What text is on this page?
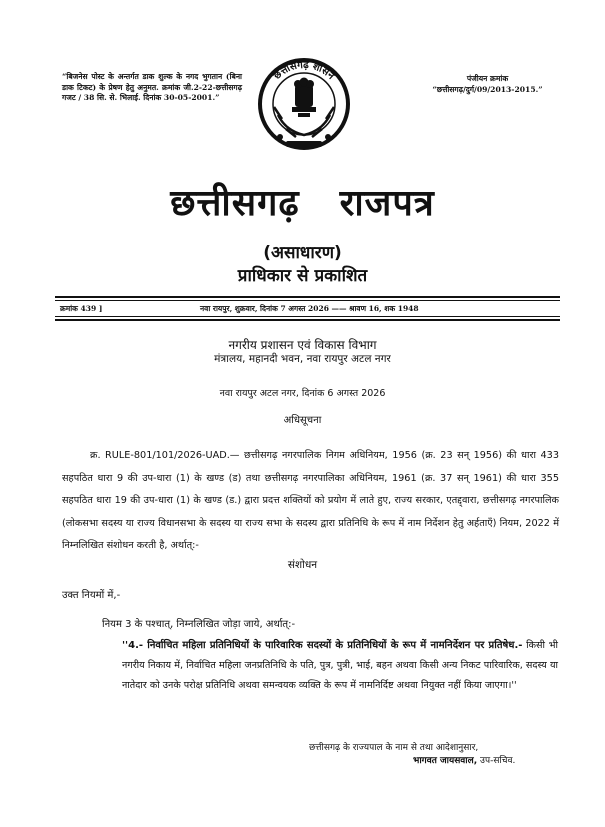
“बिजनेस पोस्ट के अन्तर्गत डाक शुल्क के नगद भुगतान (बिना डाक टिकट) के प्रेषण हेतु अनुमत. क्रमांक जी.2-22-छत्तीसगढ़ गजट / 38 सि. से. भिलाई. दिनांक 30-05-2001.”
छत्तीसगढ़ शासन	पंजीयन क्रमांक
“छत्तीसगढ़/दुर्ग/09/2013-2015.”
छत्तीसगढ़ राजपत्र
(असाधारण)
प्राधिकार से प्रकाशित
क्रमांक 439 ]	नवा रायपुर, शुक्रवार, दिनांक 7 अगस्त 2026 —— श्रावण 16, शक 1948
नगरीय प्रशासन एवं विकास विभाग
मंत्रालय, महानदी भवन, नवा रायपुर अटल नगर
नवा रायपुर अटल नगर, दिनांक 6 अगस्त 2026
अधिसूचना
क्र. RULE-801/101/2026-UAD.— छत्तीसगढ़ नगरपालिक निगम अधिनियम, 1956 (क्र. 23 सन् 1956) की धारा 433 सहपठित धारा 9 की उप-धारा (1) के खण्ड (ड) तथा छत्तीसगढ़ नगरपालिका अधिनियम, 1961 (क्र. 37 सन् 1961) की धारा 355 सहपठित धारा 19 की उप-धारा (1) के खण्ड (ड.) द्वारा प्रदत्त शक्तियों को प्रयोग में लाते हुए, राज्य सरकार, एतद्द्वारा, छत्तीसगढ़ नगरपालिक (लोकसभा सदस्य या राज्य विधानसभा के सदस्य या राज्य सभा के सदस्य द्वारा प्रतिनिधि के रूप में नाम निर्देशन हेतु अर्हताएँ) नियम, 2022 में निम्नलिखित संशोधन करती है, अर्थात्:-
संशोधन
उक्त नियमों में,-
नियम 3 के पश्चात्, निम्नलिखित जोड़ा जाये, अर्थात्:-
''4.- निर्वाचित महिला प्रतिनिधियों के पारिवारिक सदस्यों के प्रतिनिधियों के रूप में नामनिर्देशन पर प्रतिषेध.- किसी भी नगरीय निकाय में, निर्वाचित महिला जनप्रतिनिधि के पति, पुत्र, पुत्री, भाई, बहन अथवा किसी अन्य निकट पारिवारिक, सदस्य या नातेदार को उनके परोक्ष प्रतिनिधि अथवा समन्वयक व्यक्ति के रूप में नामनिर्दिष्ट अथवा नियुक्त नहीं किया जाएगा।''
छत्तीसगढ़ के राज्यपाल के नाम से तथा आदेशानुसार,
भागवत जायसवाल, उप-सचिव.
